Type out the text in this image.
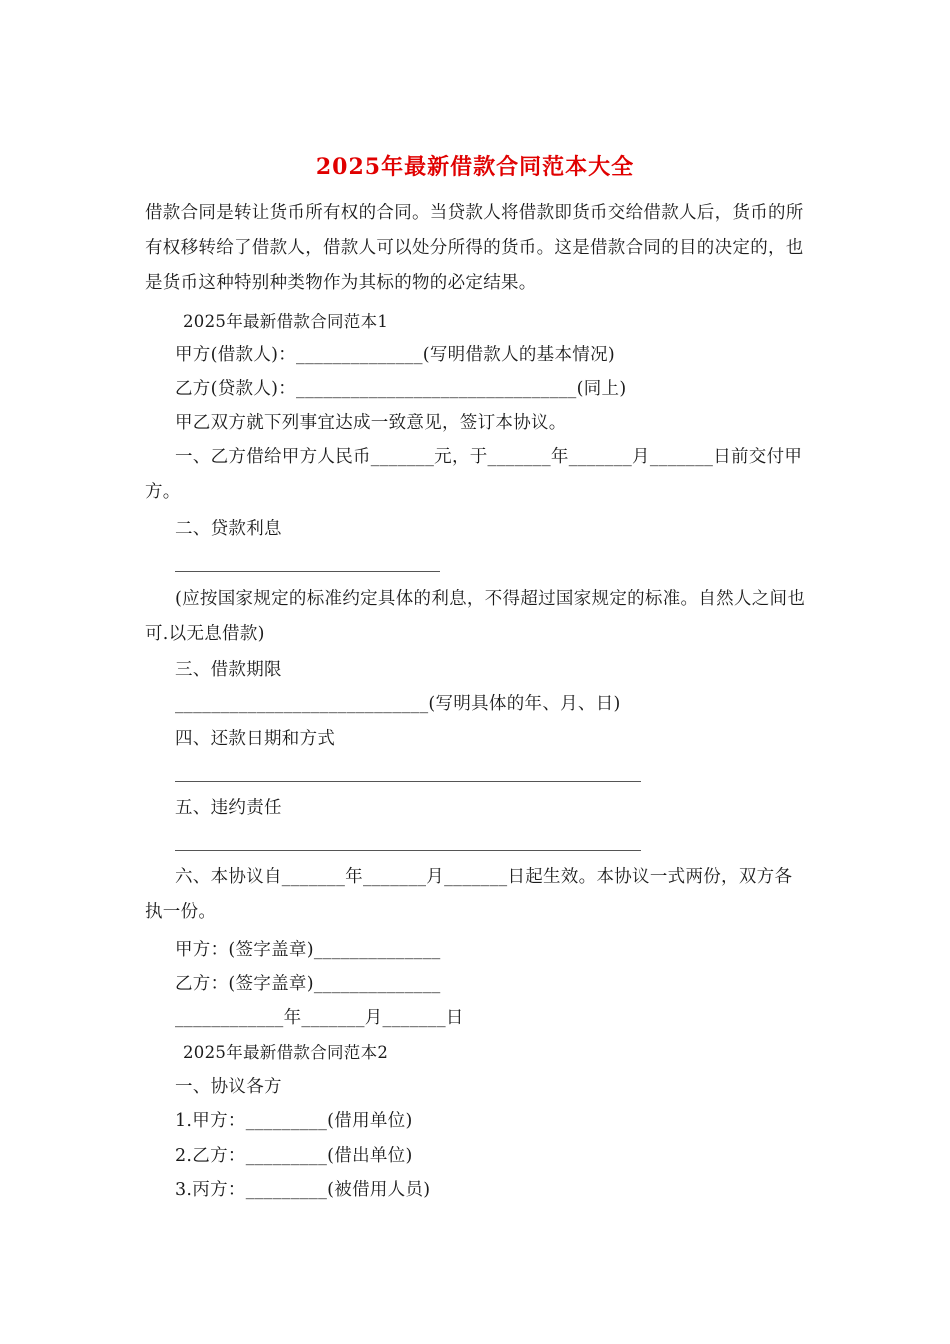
2025年最新借款合同范本大全

借款合同是转让货币所有权的合同。当贷款人将借款即货币交给借款人后，货币的所有权移转给了借款人，借款人可以处分所得的货币。这是借款合同的目的决定的，也是货币这种特别种类物作为其标的物的必定结果。

2025年最新借款合同范本1
甲方(借款人)：______________(写明借款人的基本情况)
乙方(贷款人)：_______________________________(同上)
甲乙双方就下列事宜达成一致意见，签订本协议。
一、乙方借给甲方人民币_______元，于_______年_______月_______日前交付甲方。
二、贷款利息
(应按国家规定的标准约定具体的利息，不得超过国家规定的标准。自然人之间也可.以无息借款)
三、借款期限
____________________________(写明具体的年、月、日)
四、还款日期和方式
五、违约责任
六、本协议自_______年_______月_______日起生效。本协议一式两份，双方各执一份。
甲方：(签字盖章)______________
乙方：(签字盖章)______________
____________年_______月_______日
2025年最新借款合同范本2
一、协议各方
1.甲方：_________(借用单位)
2.乙方：_________(借出单位)
3.丙方：_________(被借用人员)
